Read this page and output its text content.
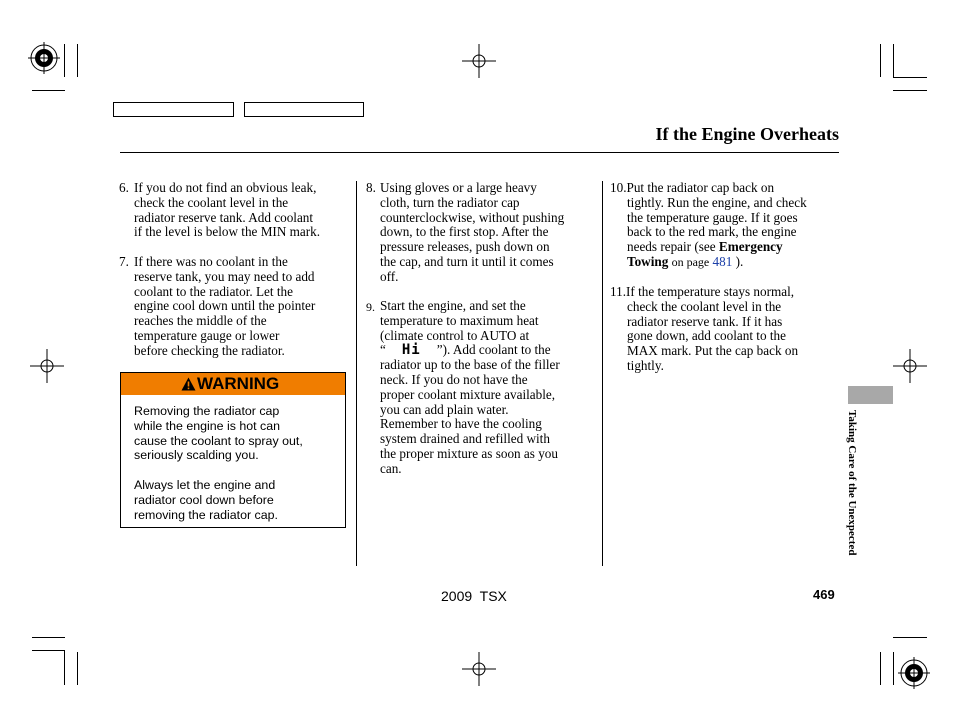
If the Engine Overheats
6. If you do not find an obvious leak,
check the coolant level in the
radiator reserve tank. Add coolant
if the level is below the MIN mark.
7. If there was no coolant in the
reserve tank, you may need to add
coolant to the radiator. Let the
engine cool down until the pointer
reaches the middle of the
temperature gauge or lower
before checking the radiator.
WARNING
Removing the radiator cap
while the engine is hot can
cause the coolant to spray out,
seriously scalding you.
Always let the engine and
radiator cool down before
removing the radiator cap.
8. Using gloves or a large heavy
cloth, turn the radiator cap
counterclockwise, without pushing
down, to the first stop. After the
pressure releases, push down on
the cap, and turn it until it comes
off.
9. Start the engine, and set the
temperature to maximum heat
(climate control to AUTO at
“ Hi ”). Add coolant to the
radiator up to the base of the filler
neck. If you do not have the
proper coolant mixture available,
you can add plain water.
Remember to have the cooling
system drained and refilled with
the proper mixture as soon as you
can.
10.Put the radiator cap back on
tightly. Run the engine, and check
the temperature gauge. If it goes
back to the red mark, the engine
needs repair (see Emergency
Towing on page 481 ).
11.If the temperature stays normal,
check the coolant level in the
radiator reserve tank. If it has
gone down, add coolant to the
MAX mark. Put the cap back on
tightly.
Taking Care of the Unexpected
2009  TSX	469
